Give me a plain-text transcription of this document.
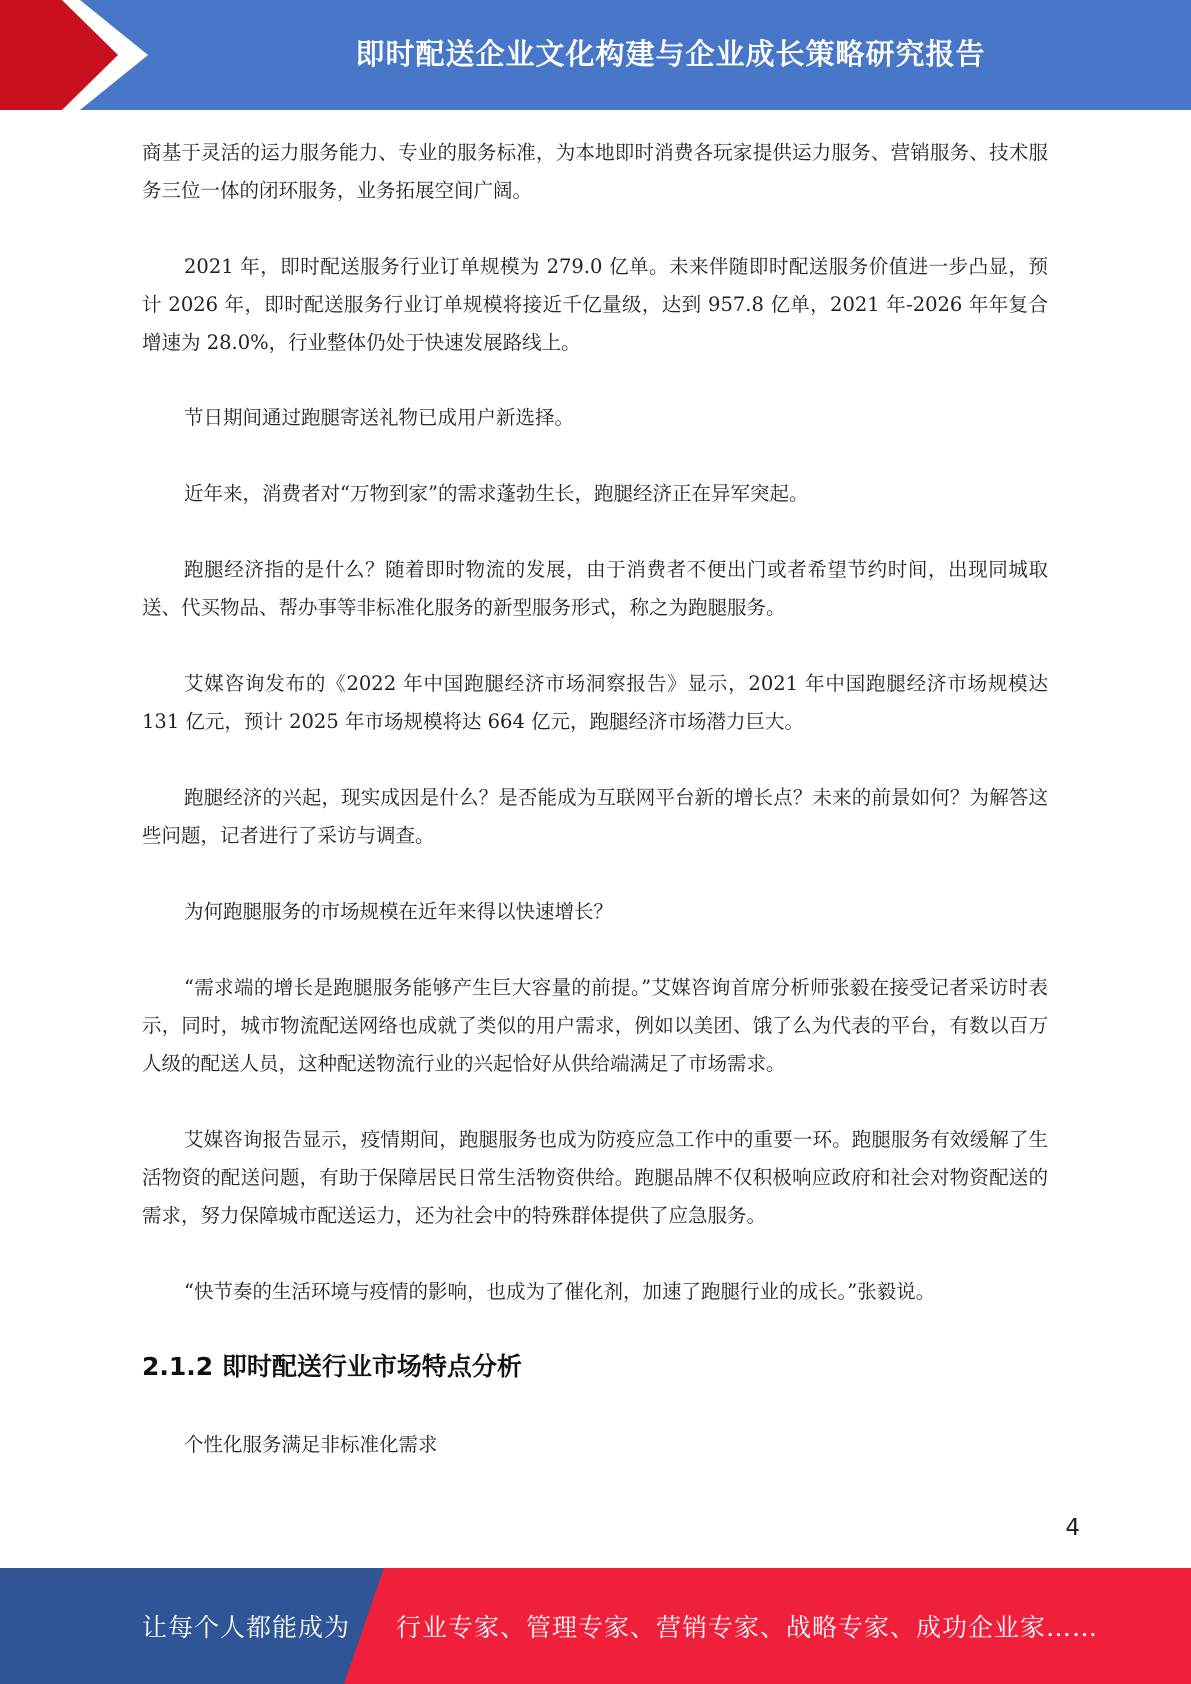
即时配送企业文化构建与企业成长策略研究报告

商基于灵活的运力服务能力、专业的服务标准，为本地即时消费各玩家提供运力服务、营销服务、技术服务三位一体的闭环服务，业务拓展空间广阔。

2021 年，即时配送服务行业订单规模为 279.0 亿单。未来伴随即时配送服务价值进一步凸显，预计 2026 年，即时配送服务行业订单规模将接近千亿量级，达到 957.8 亿单，2021 年-2026 年年复合增速为 28.0%，行业整体仍处于快速发展路线上。

节日期间通过跑腿寄送礼物已成用户新选择。

近年来，消费者对“万物到家”的需求蓬勃生长，跑腿经济正在异军突起。

跑腿经济指的是什么？随着即时物流的发展，由于消费者不便出门或者希望节约时间，出现同城取送、代买物品、帮办事等非标准化服务的新型服务形式，称之为跑腿服务。

艾媒咨询发布的《2022 年中国跑腿经济市场洞察报告》显示，2021 年中国跑腿经济市场规模达 131 亿元，预计 2025 年市场规模将达 664 亿元，跑腿经济市场潜力巨大。

跑腿经济的兴起，现实成因是什么？是否能成为互联网平台新的增长点？未来的前景如何？为解答这些问题，记者进行了采访与调查。

为何跑腿服务的市场规模在近年来得以快速增长？

“需求端的增长是跑腿服务能够产生巨大容量的前提。”艾媒咨询首席分析师张毅在接受记者采访时表示，同时，城市物流配送网络也成就了类似的用户需求，例如以美团、饿了么为代表的平台，有数以百万人级的配送人员，这种配送物流行业的兴起恰好从供给端满足了市场需求。

艾媒咨询报告显示，疫情期间，跑腿服务也成为防疫应急工作中的重要一环。跑腿服务有效缓解了生活物资的配送问题，有助于保障居民日常生活物资供给。跑腿品牌不仅积极响应政府和社会对物资配送的需求，努力保障城市配送运力，还为社会中的特殊群体提供了应急服务。

“快节奏的生活环境与疫情的影响，也成为了催化剂，加速了跑腿行业的成长。”张毅说。

2.1.2 即时配送行业市场特点分析

个性化服务满足非标准化需求

4
让每个人都能成为 行业专家、管理专家、营销专家、战略专家、成功企业家……
